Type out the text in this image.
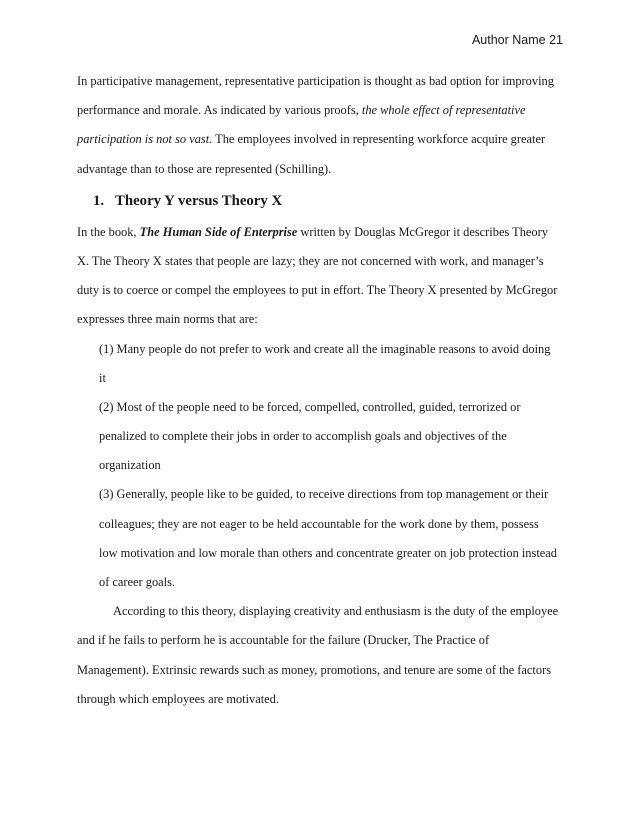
Author Name 21
In participative management, representative participation is thought as bad option for improving
performance and morale. As indicated by various proofs, the whole effect of representative
participation is not so vast. The employees involved in representing workforce acquire greater
advantage than to those are represented (Schilling).
1. Theory Y versus Theory X
In the book, The Human Side of Enterprise written by Douglas McGregor it describes Theory
X. The Theory X states that people are lazy; they are not concerned with work, and manager’s
duty is to coerce or compel the employees to put in effort. The Theory X presented by McGregor
expresses three main norms that are:
(1) Many people do not prefer to work and create all the imaginable reasons to avoid doing
it
(2) Most of the people need to be forced, compelled, controlled, guided, terrorized or
penalized to complete their jobs in order to accomplish goals and objectives of the
organization
(3) Generally, people like to be guided, to receive directions from top management or their
colleagues; they are not eager to be held accountable for the work done by them, possess
low motivation and low morale than others and concentrate greater on job protection instead
of career goals.
According to this theory, displaying creativity and enthusiasm is the duty of the employee
and if he fails to perform he is accountable for the failure (Drucker, The Practice of
Management). Extrinsic rewards such as money, promotions, and tenure are some of the factors
through which employees are motivated.
